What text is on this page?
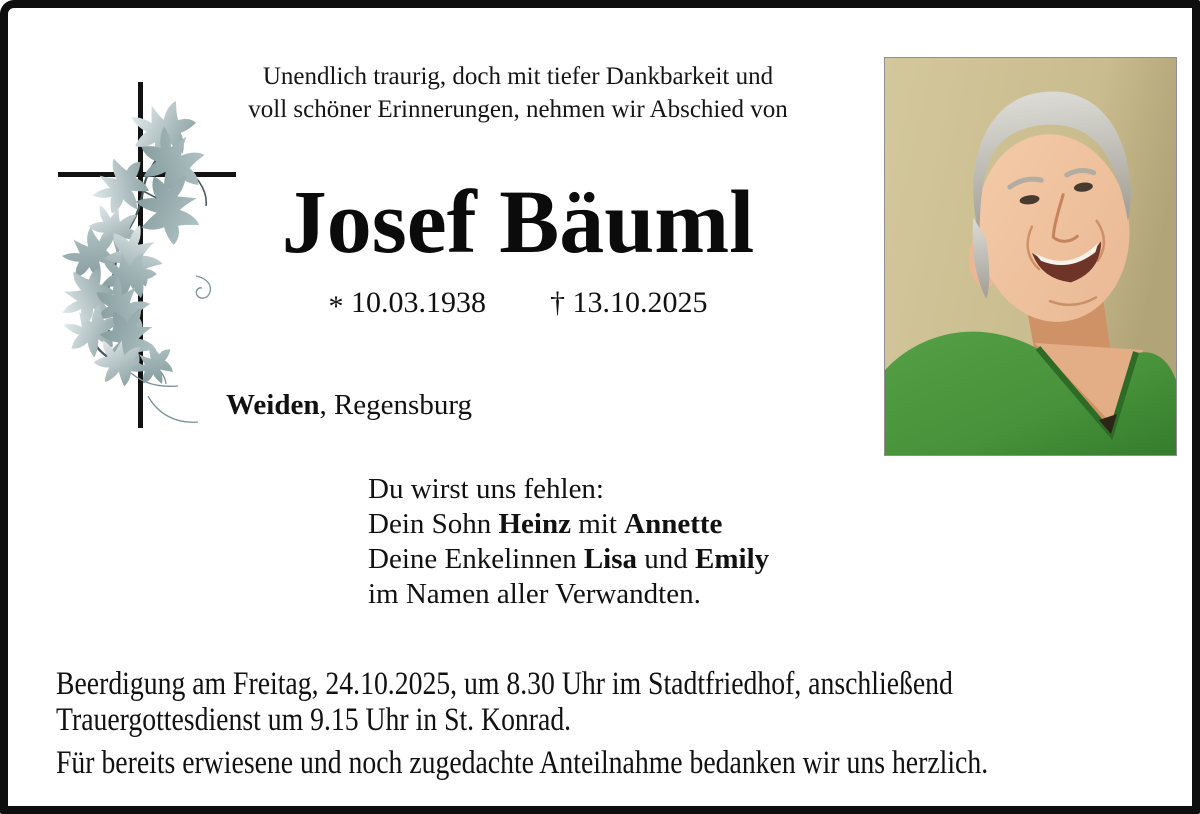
Unendlich traurig, doch mit tiefer Dankbarkeit und
voll schöner Erinnerungen, nehmen wir Abschied von
Josef Bäuml
* 10.03.1938 † 13.10.2025
Weiden, Regensburg
Du wirst uns fehlen:
Dein Sohn Heinz mit Annette
Deine Enkelinnen Lisa und Emily
im Namen aller Verwandten.
Beerdigung am Freitag, 24.10.2025, um 8.30 Uhr im Stadtfriedhof, anschließend
Trauergottesdienst um 9.15 Uhr in St. Konrad.
Für bereits erwiesene und noch zugedachte Anteilnahme bedanken wir uns herzlich.
